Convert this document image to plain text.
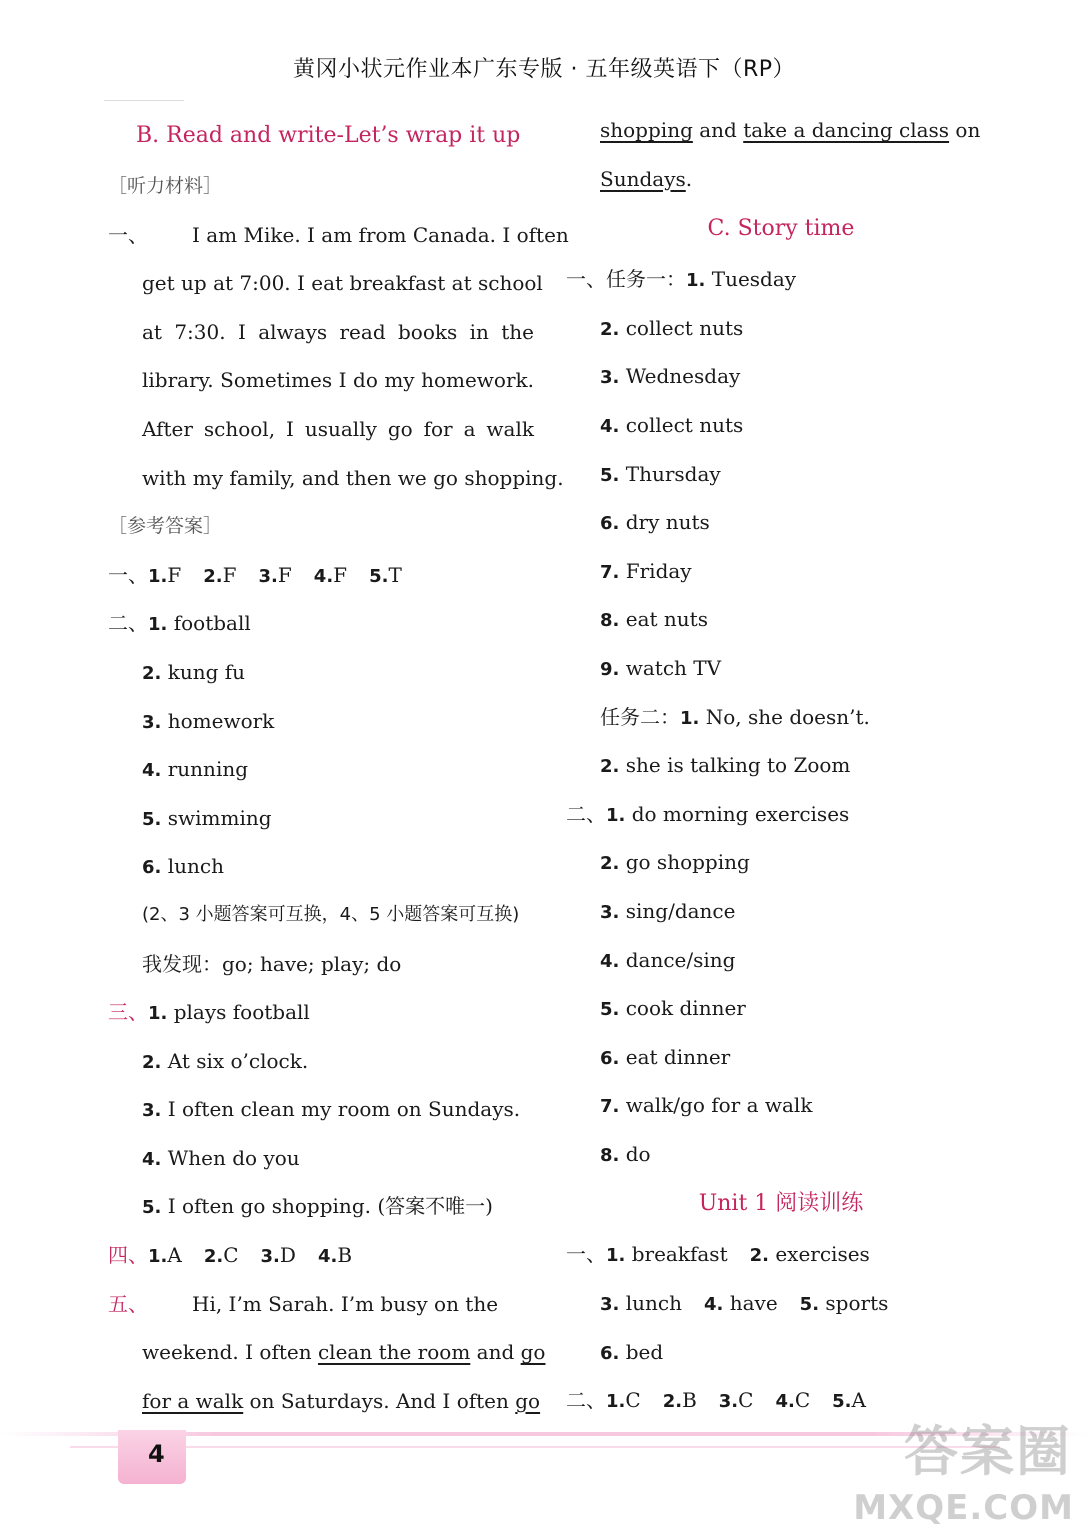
黄冈小状元作业本广东专版 · 五年级英语下（RP）
B. Read and write-Let’s wrap it up
［听力材料］
一、 I am Mike. I am from Canada. I often
get up at 7:00. I eat breakfast at school
at 7:30. I always read books in the
library. Sometimes I do my homework.
After school, I usually go for a walk
with my family, and then we go shopping.
［参考答案］
一、1.F 2.F 3.F 4.F 5.T
二、1. football
2. kung fu
3. homework
4. running
5. swimming
6. lunch
(2、3 小题答案可互换，4、5 小题答案可互换)
我发现：go; have; play; do
三、1. plays football
2. At six o’clock.
3. I often clean my room on Sundays.
4. When do you
5. I often go shopping. (答案不唯一)
四、1.A 2.C 3.D 4.B
五、 Hi, I’m Sarah. I’m busy on the
weekend. I often clean the room and go
for a walk on Saturdays. And I often go
shopping and take a dancing class on
Sundays.
C. Story time
一、任务一：1. Tuesday
2. collect nuts
3. Wednesday
4. collect nuts
5. Thursday
6. dry nuts
7. Friday
8. eat nuts
9. watch TV
任务二：1. No, she doesn’t.
2. she is talking to Zoom
二、1. do morning exercises
2. go shopping
3. sing/dance
4. dance/sing
5. cook dinner
6. eat dinner
7. walk/go for a walk
8. do
Unit 1 阅读训练
一、1. breakfast 2. exercises
3. lunch 4. have 5. sports
6. bed
二、1.C 2.B 3.C 4.C 5.A
4	答案圈
MXQE.COM
